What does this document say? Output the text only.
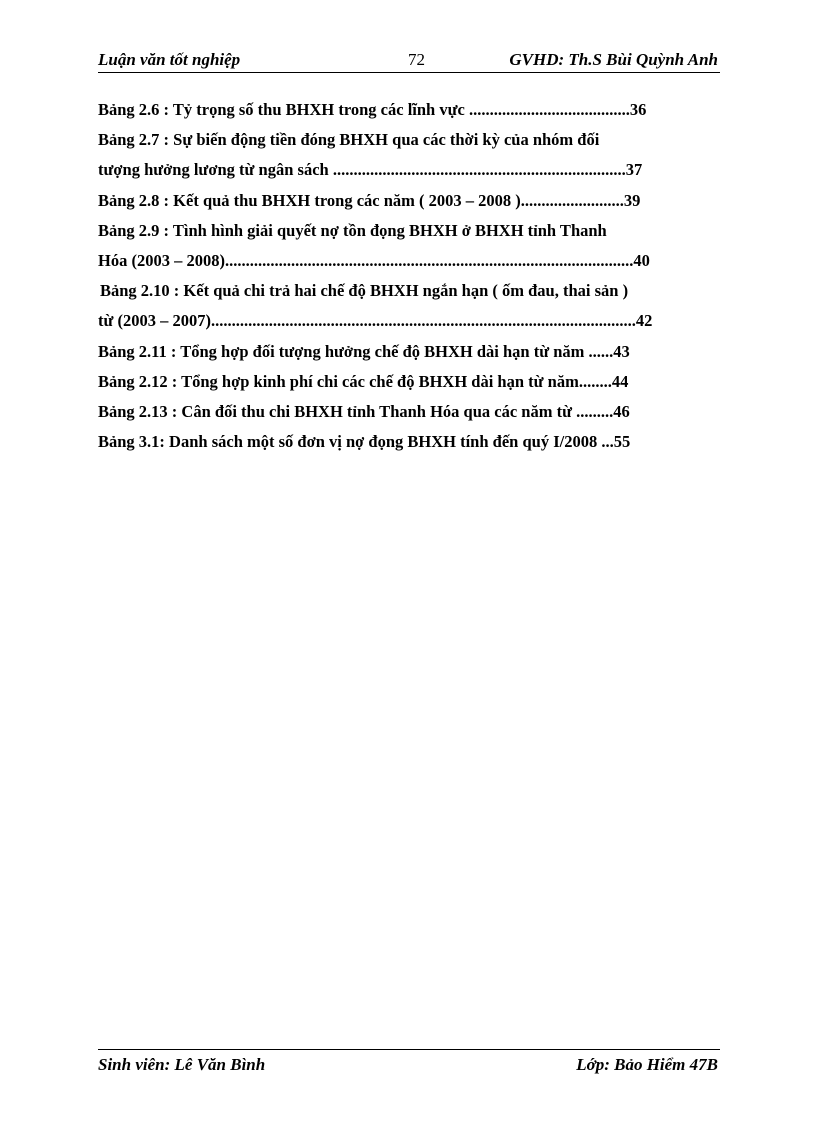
Luận văn tốt nghiệp	72	GVHD: Th.S Bùi Quỳnh Anh
Bảng 2.6 : Tỷ trọng số thu BHXH trong các lĩnh vực .......................................36
Bảng 2.7 : Sự biến động tiền đóng BHXH qua các thời kỳ của nhóm đối
tượng hưởng lương từ ngân sách .......................................................................37
Bảng 2.8 : Kết quả thu BHXH trong các năm ( 2003 – 2008 ).........................39
Bảng 2.9 : Tình hình giải quyết nợ tồn đọng BHXH ở BHXH tỉnh Thanh
Hóa (2003 – 2008)...................................................................................................40
Bảng 2.10 : Kết quả chi trả hai chế độ BHXH ngắn hạn ( ốm đau, thai sản )
từ (2003 – 2007).......................................................................................................42
Bảng 2.11 : Tổng hợp đối tượng hưởng chế độ BHXH dài hạn từ năm ......43
Bảng 2.12 : Tổng hợp kinh phí chi các chế độ BHXH dài hạn từ năm........44
Bảng 2.13 : Cân đối thu chi BHXH tỉnh Thanh Hóa qua các năm từ .........46
Bảng 3.1: Danh sách một số đơn vị nợ đọng BHXH tính đến quý I/2008 ...55
Sinh viên: Lê Văn Bình	Lớp: Bảo Hiểm 47B
